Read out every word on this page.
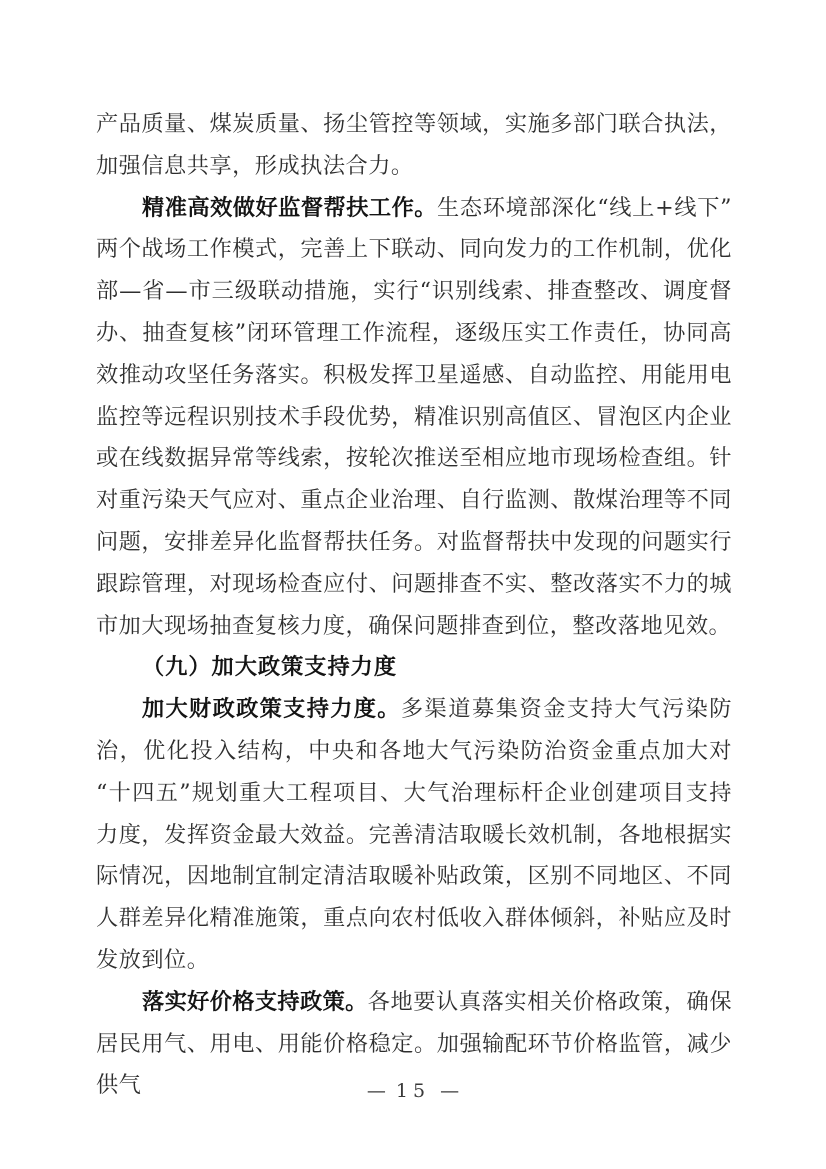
产品质量、煤炭质量、扬尘管控等领域，实施多部门联合执法，加强信息共享，形成执法合力。

精准高效做好监督帮扶工作。生态环境部深化“线上+线下”两个战场工作模式，完善上下联动、同向发力的工作机制，优化部—省—市三级联动措施，实行“识别线索、排查整改、调度督办、抽查复核”闭环管理工作流程，逐级压实工作责任，协同高效推动攻坚任务落实。积极发挥卫星遥感、自动监控、用能用电监控等远程识别技术手段优势，精准识别高值区、冒泡区内企业或在线数据异常等线索，按轮次推送至相应地市现场检查组。针对重污染天气应对、重点企业治理、自行监测、散煤治理等不同问题，安排差异化监督帮扶任务。对监督帮扶中发现的问题实行跟踪管理，对现场检查应付、问题排查不实、整改落实不力的城市加大现场抽查复核力度，确保问题排查到位，整改落地见效。

（九）加大政策支持力度

加大财政政策支持力度。多渠道募集资金支持大气污染防治，优化投入结构，中央和各地大气污染防治资金重点加大对“十四五”规划重大工程项目、大气治理标杆企业创建项目支持力度，发挥资金最大效益。完善清洁取暖长效机制，各地根据实际情况，因地制宜制定清洁取暖补贴政策，区别不同地区、不同人群差异化精准施策，重点向农村低收入群体倾斜，补贴应及时发放到位。

落实好价格支持政策。各地要认真落实相关价格政策，确保居民用气、用电、用能价格稳定。加强输配环节价格监管，减少供气	— 15 —
